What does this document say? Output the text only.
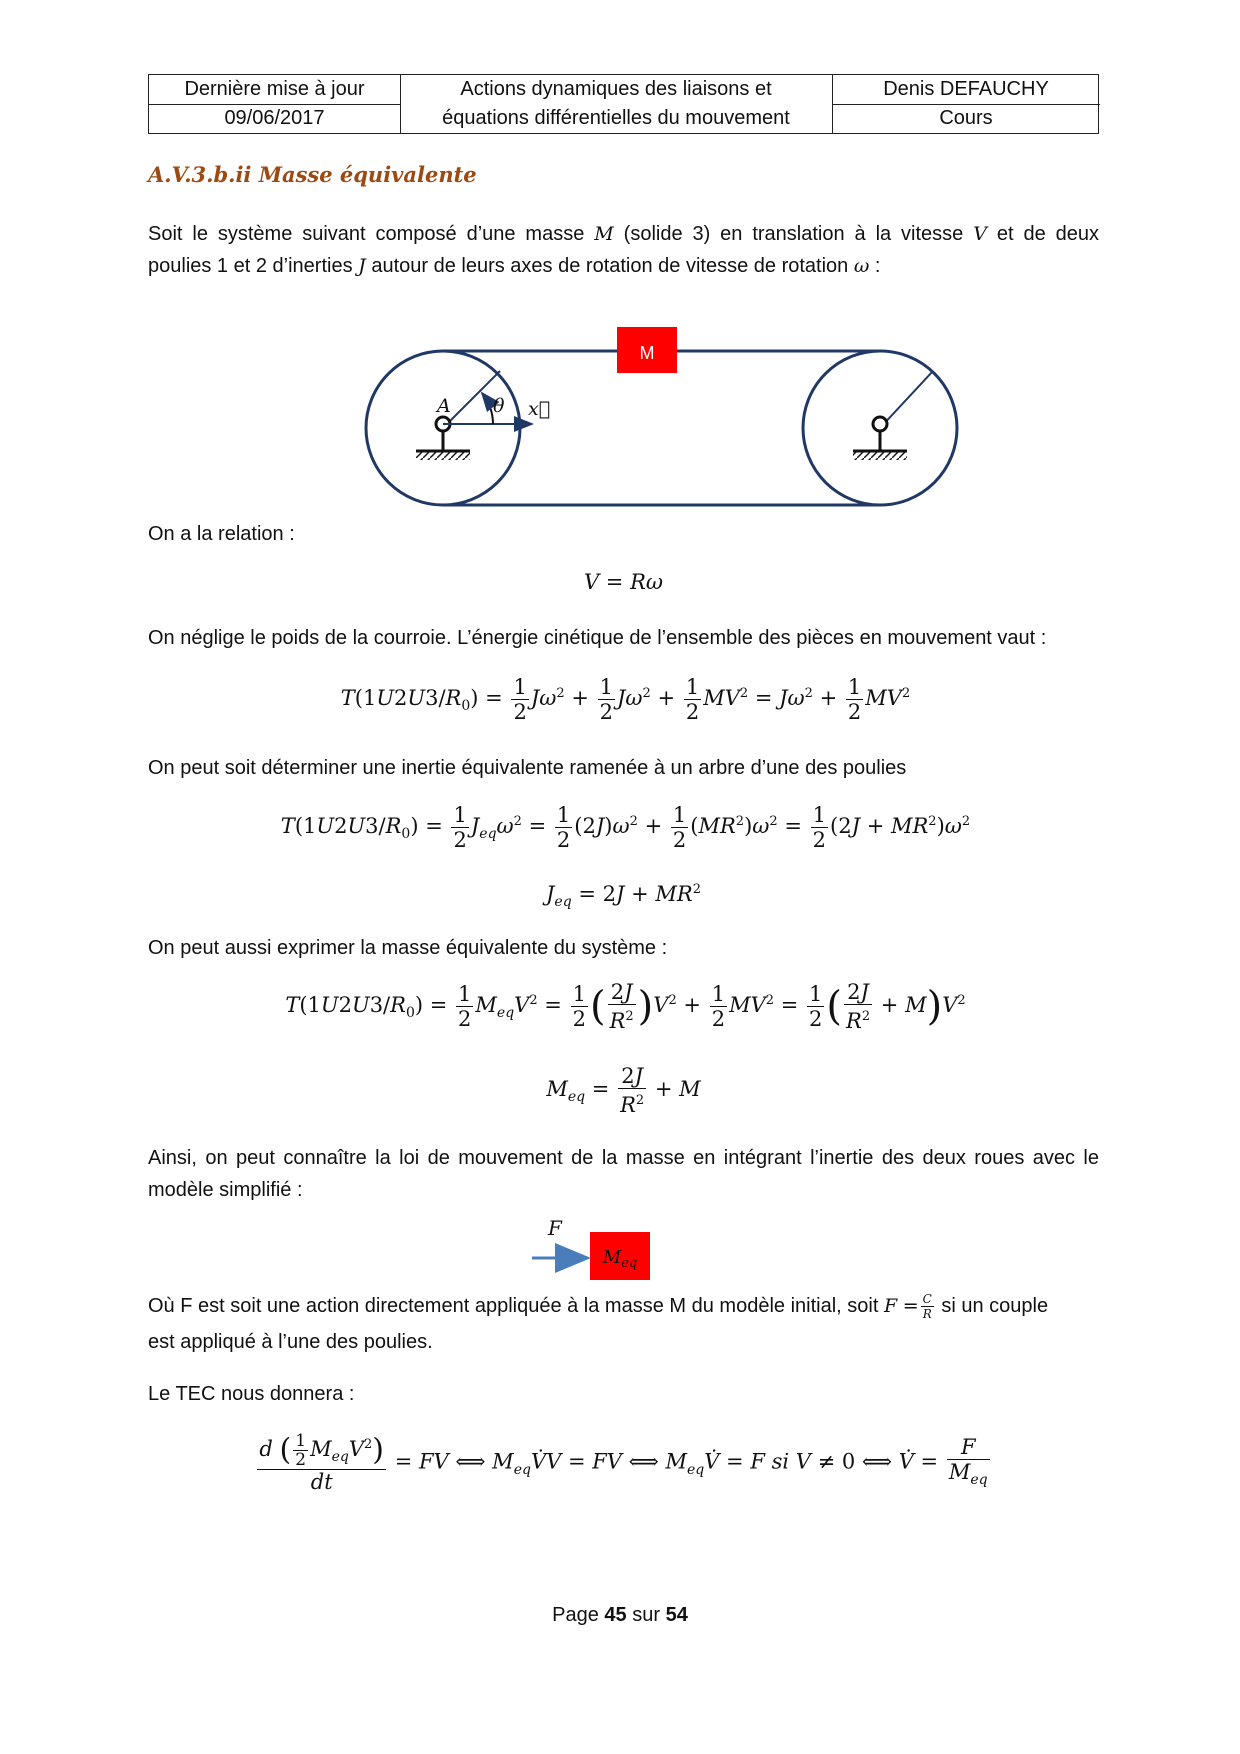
Dernière mise à jour
09/06/2017
Actions dynamiques des liaisons et
équations différentielles du mouvement
Denis DEFAUCHY
Cours
A.V.3.b.ii Masse équivalente
Soit le système suivant composé d’une masse M (solide 3) en translation à la vitesse V et de deux
poulies 1 et 2 d’inerties J autour de leurs axes de rotation de vitesse de rotation ω :
A θ x⃗
M
On a la relation :
V = Rω
On néglige le poids de la courroie. L’énergie cinétique de l’ensemble des pièces en mouvement vaut :
$T(1U2U3/R_0) = \frac{1}{2} J\omega^2 + \frac{1}{2} J\omega^2 + \frac{1}{2} MV^2 = J\omega^2 + \frac{1}{2} MV^2$
On peut soit déterminer une inertie équivalente ramenée à un arbre d’une des poulies
$T(1U2U3/R_0) = \frac{1}{2} J_{eq}\omega^2 = \frac{1}{2} (2J)\omega^2 + \frac{1}{2} (MR^2)\omega^2 = \frac{1}{2} (2J + MR^2)\omega^2$
$J_{eq} = 2J + MR^2$
On peut aussi exprimer la masse équivalente du système :
$T(1U2U3/R_0) = \frac{1}{2} M_{eq}V^2 = \frac{1}{2}$ ( $\frac{2J}{R^2} )V^2 + \frac{1}{2} MV^2 = \frac{1}{2}$ ( $\frac{2J}{R^2} + M)V^2$
$M_{eq} = \frac{2J}{R^2} + M$
Ainsi, on peut connaître la loi de mouvement de la masse en intégrant l’inertie des deux roues avec le
modèle simplifié :
F
$M_{eq}$
Où F est soit une action directement appliquée à la masse M du modèle initial, soit $F = \frac{C}{R}$ si un couple
est appliqué à l’une des poulies.
Le TEC nous donnera :
$\frac{d ( \frac{1}{2} M_{eq}V^2)}{dt}$ = FV ⟺ $M_{eq}V̇V$ = FV ⟺ $M_{eq}V̇ = F$ si V ≠ 0 ⟺ V̇ = $\frac{F}{M_{eq}}$
Page 45 sur 54
